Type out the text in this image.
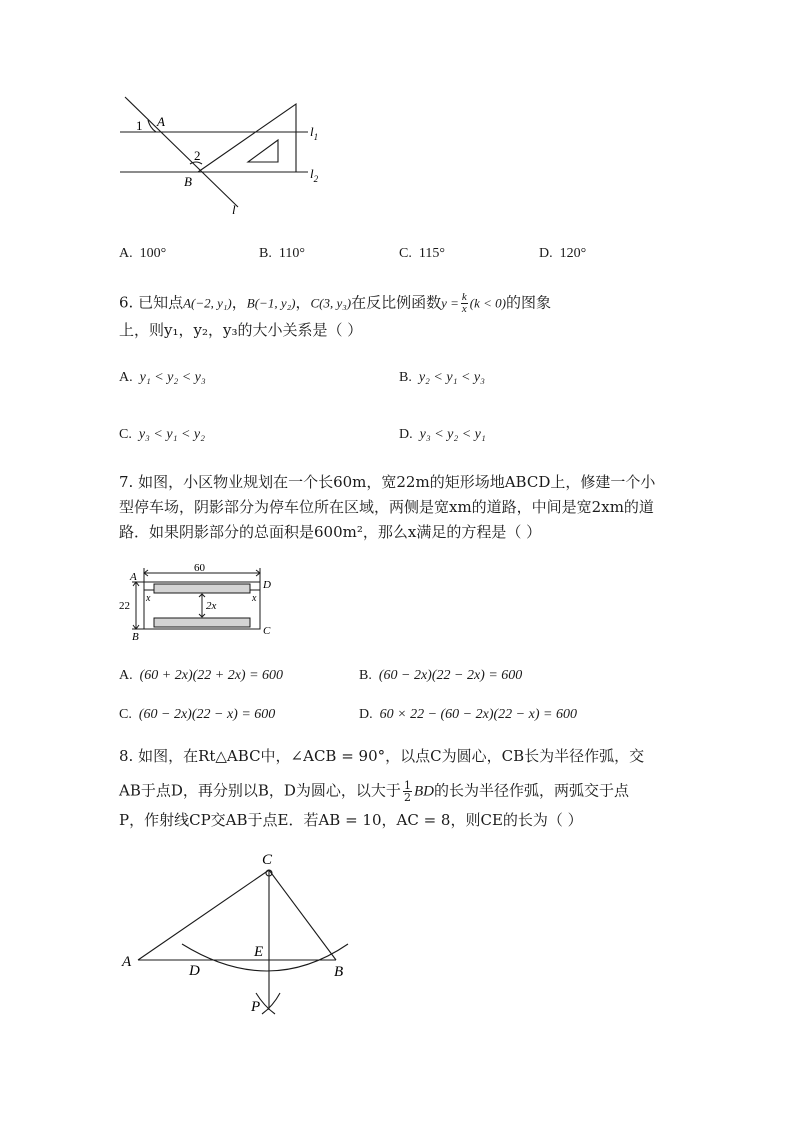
1 A
2
B
$l_1$
$l_2$
l
A. 100°	B. 110°	C. 115°	D. 120°
6. 已知点A(−2, y₁)，B(−1, y₂)，C(3, y₃)在反比例函数$y = \frac{k}{x} (k < 0)$的图象
上，则y₁，y₂，y₃的大小关系是（ ）
A. y₁ < y₂ < y₃	B. y₂ < y₁ < y₃
C. y₃ < y₁ < y₂	D. y₃ < y₂ < y₁
7. 如图，小区物业规划在一个长60m，宽22m的矩形场地ABCD上，修建一个小
型停车场，阴影部分为停车位所在区域，两侧是宽xm的道路，中间是宽2xm的道
路．如果阴影部分的总面积是600m²，那么x满足的方程是（ ）
60
22
A
D
B	C
x	x
2x
A. (60 + 2x)(22 + 2x) = 600	B. (60 − 2x)(22 − 2x) = 600
C. (60 − 2x)(22 − x) = 600	D. 60 × 22 − (60 − 2x)(22 − x) = 600
8. 如图，在Rt△ABC中，∠ACB = 90°，以点C为圆心，CB长为半径作弧，交
AB于点D，再分别以B，D为圆心，以大于 $\frac{1}{2}$ BD的长为半径作弧，两弧交于点
P，作射线CP交AB于点E．若AB = 10，AC = 8，则CE的长为（ ）
C
A
E
D	B
P
